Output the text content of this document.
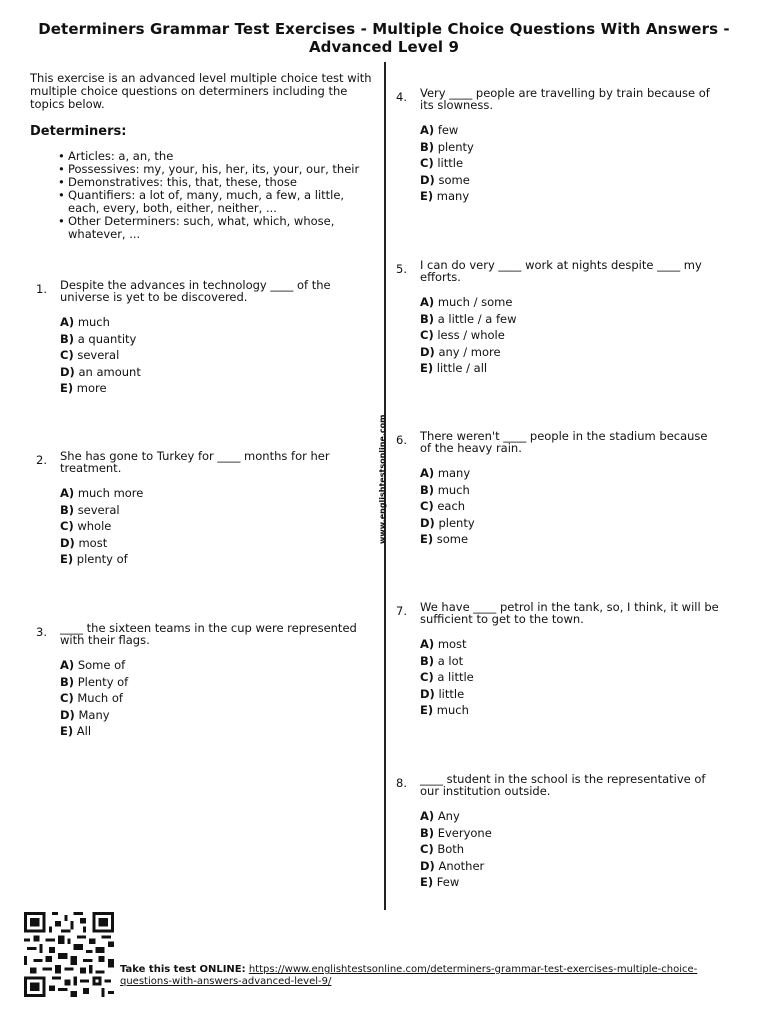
Determiners Grammar Test Exercises - Multiple Choice Questions With Answers - Advanced Level 9
This exercise is an advanced level multiple choice test with multiple choice questions on determiners including the topics below.
Determiners:
• Articles: a, an, the
• Possessives: my, your, his, her, its, your, our, their
• Demonstratives: this, that, these, those
• Quantifiers: a lot of, many, much, a few, a little, each, every, both, either, neither, ...
• Other Determiners: such, what, which, whose, whatever, ...
www.englishtestsonline.com
1. Despite the advances in technology ____ of the universe is yet to be discovered.
A) much
B) a quantity
C) several
D) an amount
E) more
2. She has gone to Turkey for ____ months for her treatment.
A) much more
B) several
C) whole
D) most
E) plenty of
3. ____ the sixteen teams in the cup were represented with their flags.
A) Some of
B) Plenty of
C) Much of
D) Many
E) All
4. Very ____ people are travelling by train because of its slowness.
A) few
B) plenty
C) little
D) some
E) many
5. I can do very ____ work at nights despite ____ my efforts.
A) much / some
B) a little / a few
C) less / whole
D) any / more
E) little / all
6. There weren't ____ people in the stadium because of the heavy rain.
A) many
B) much
C) each
D) plenty
E) some
7. We have ____ petrol in the tank, so, I think, it will be sufficient to get to the town.
A) most
B) a lot
C) a little
D) little
E) much
8. ____ student in the school is the representative of our institution outside.
A) Any
B) Everyone
C) Both
D) Another
E) Few
Take this test ONLINE: https://www.englishtestsonline.com/determiners-grammar-test-exercises-multiple-choice-questions-with-answers-advanced-level-9/
